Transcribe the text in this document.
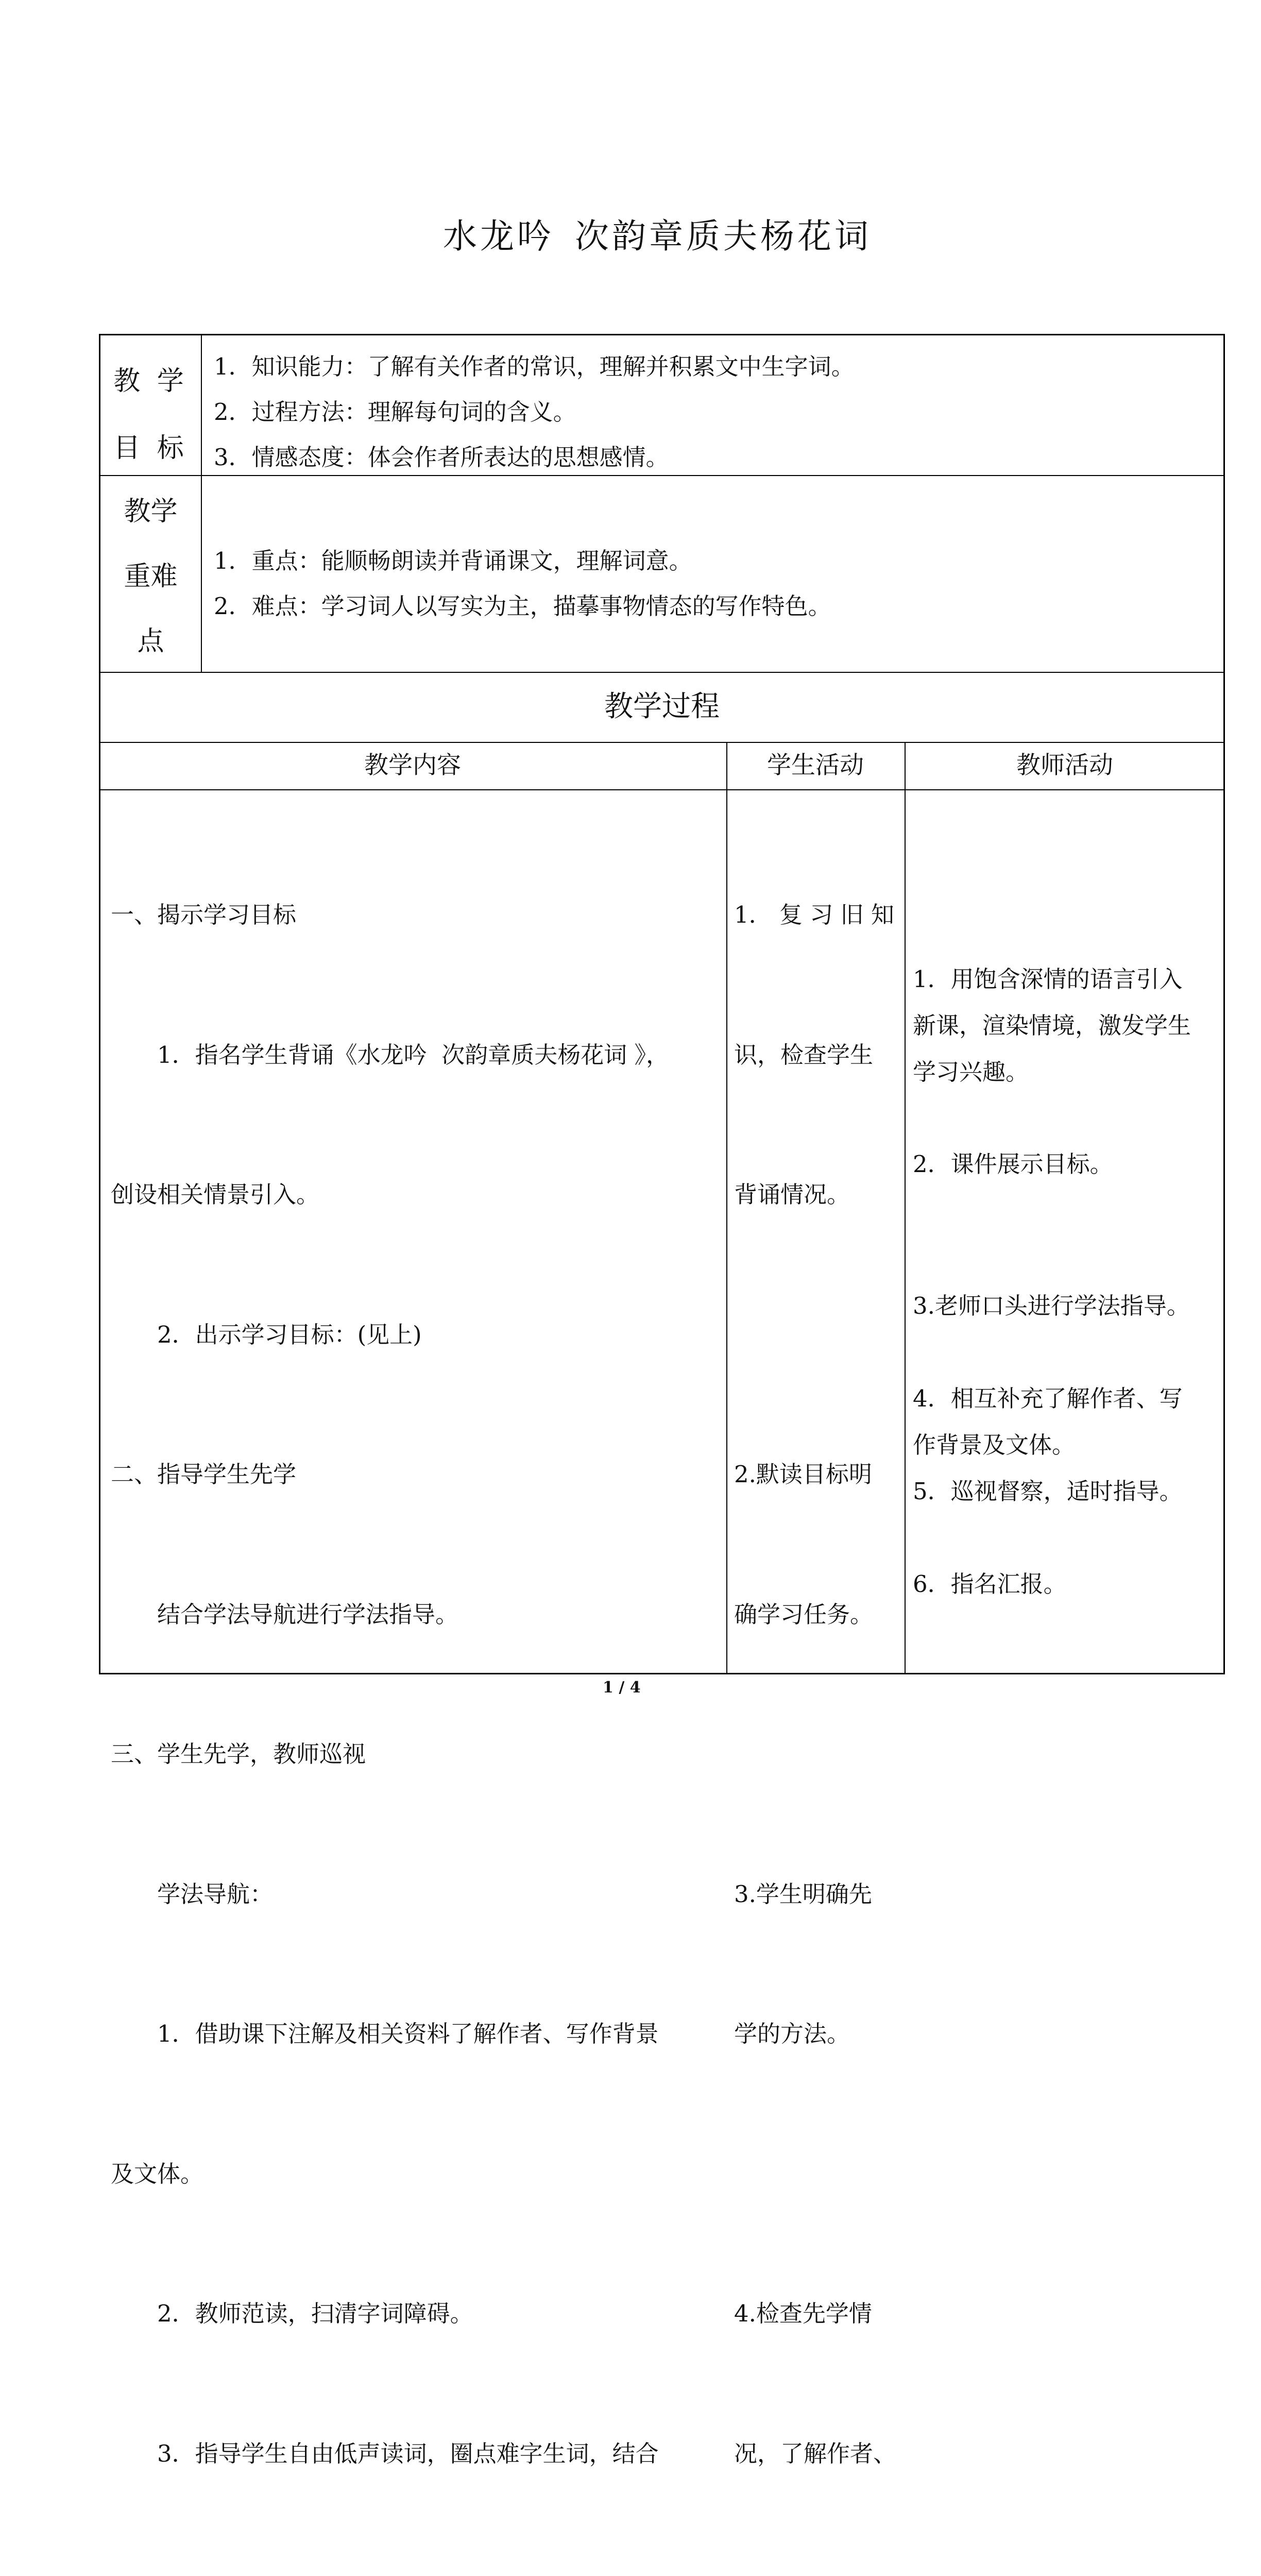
水龙吟 次韵章质夫杨花词
教 学
目 标
1．知识能力：了解有关作者的常识，理解并积累文中生字词。
2．过程方法：理解每句词的含义。
3．情感态度：体会作者所表达的思想感情。
教学
重难
点
1．重点：能顺畅朗读并背诵课文，理解词意。
2．难点：学习词人以写实为主，描摹事物情态的写作特色。
教学过程
教学内容	学生活动	教师活动

一、揭示学习目标

　　1．指名学生背诵《水龙吟  次韵章质夫杨花词 》，

创设相关情景引入。

　　2．出示学习目标：(见上)

二、指导学生先学

　　结合学法导航进行学法指导。

三、学生先学，教师巡视

　　学法导航：

　　1．借助课下注解及相关资料了解作者、写作背景

及文体。

　　2．教师范读，扫清字词障碍。

　　3．指导学生自由低声读词，圈点难字生词，结合

1． 复 习 旧 知

识，检查学生

背诵情况。

2.默读目标明

确学习任务。

3.学生明确先

学的方法。

4.检查先学情

况，了解作者、

1．用饱含深情的语言引入
新课，渲染情境，激发学生
学习兴趣。
2．课件展示目标。
3.老师口头进行学法指导。
4．相互补充了解作者、写
作背景及文体。
5．巡视督察，适时指导。
6．指名汇报。
1 / 4
